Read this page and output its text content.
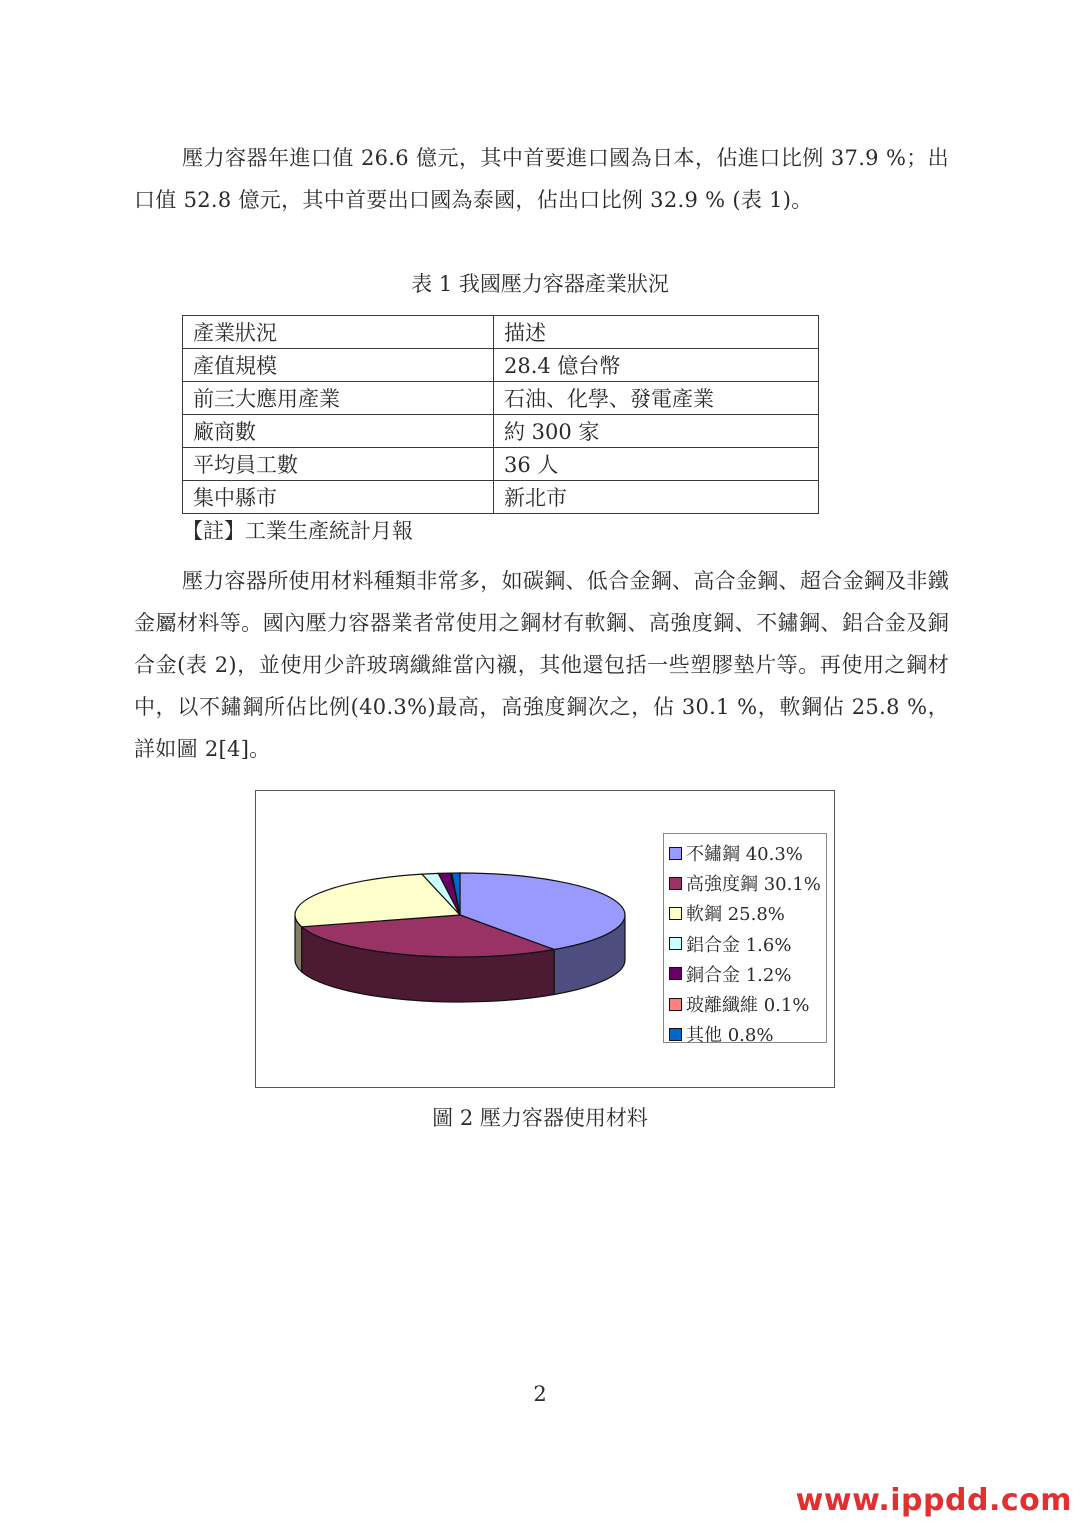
壓力容器年進口值 26.6 億元，其中首要進口國為日本，佔進口比例 37.9 %；出口值 52.8 億元，其中首要出口國為泰國，佔出口比例 32.9 % (表 1)。
表 1 我國壓力容器產業狀況
產業狀況	描述
產值規模	28.4 億台幣
前三大應用產業	石油、化學、發電產業
廠商數	約 300 家
平均員工數	36 人
集中縣市	新北市
【註】工業生產統計月報
壓力容器所使用材料種類非常多，如碳鋼、低合金鋼、高合金鋼、超合金鋼及非鐵金屬材料等。國內壓力容器業者常使用之鋼材有軟鋼、高強度鋼、不鏽鋼、鋁合金及銅合金(表 2)，並使用少許玻璃纖維當內襯，其他還包括一些塑膠墊片等。再使用之鋼材中，以不鏽鋼所佔比例(40.3%)最高，高強度鋼次之，佔 30.1 %，軟鋼佔 25.8 %，詳如圖 2[4]。
不鏽鋼 40.3%
高強度鋼 30.1%
軟鋼 25.8%
鋁合金 1.6%
銅合金 1.2%
玻離纖維 0.1%
其他 0.8%
圖 2 壓力容器使用材料
2
www.ippdd.com
